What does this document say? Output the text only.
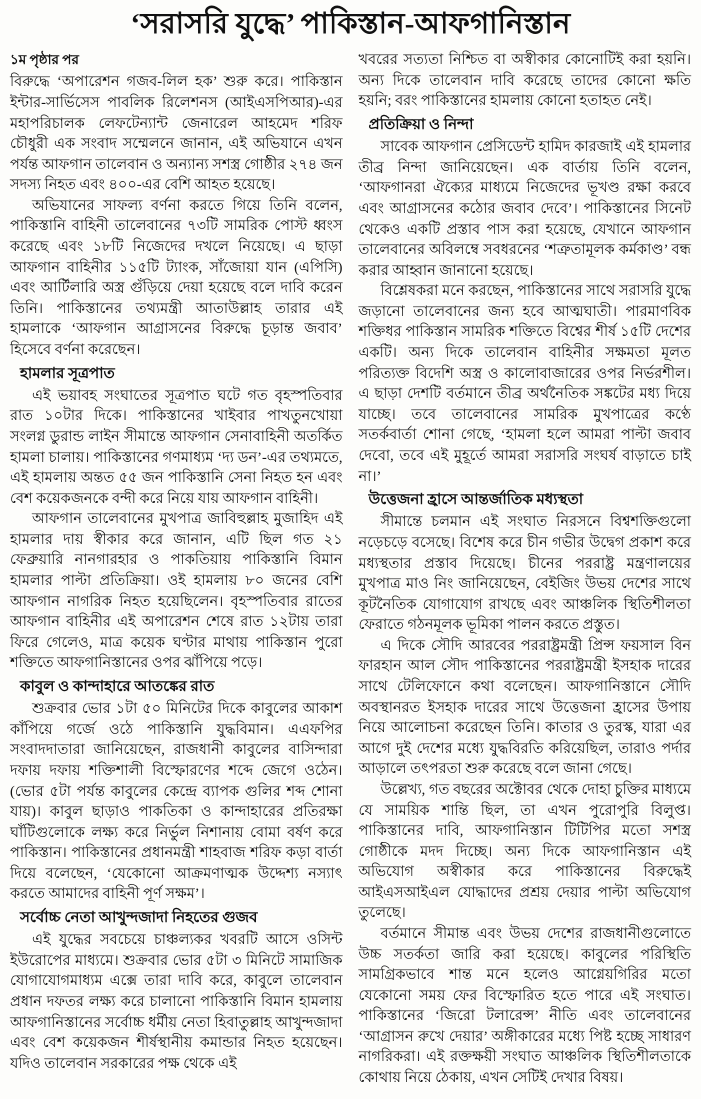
‘সরাসরি যুদ্ধে’ পাকিস্তান-আফগানিস্তান

১ম পৃষ্ঠার পর

বিরুদ্ধে ‘অপারেশন গজব-লিল হক’ শুরু করে। পাকিস্তান ইন্টার-সার্ভিসেস পাবলিক রিলেশনস (আইএসপিআর)-এর মহাপরিচালক লেফটেন্যান্ট জেনারেল আহমেদ শরিফ চৌধুরী এক সংবাদ সম্মেলনে জানান, এই অভিযানে এখন পর্যন্ত আফগান তালেবান ও অন্যান্য সশস্ত্র গোষ্ঠীর ২৭৪ জন সদস্য নিহত এবং ৪০০-এর বেশি আহত হয়েছে।

অভিযানের সাফল্য বর্ণনা করতে গিয়ে তিনি বলেন, পাকিস্তানি বাহিনী তালেবানের ৭৩টি সামরিক পোস্ট ধ্বংস করেছে এবং ১৮টি নিজেদের দখলে নিয়েছে। এ ছাড়া আফগান বাহিনীর ১১৫টি ট্যাংক, সাঁজোয়া যান (এপিসি) এবং আর্টিলারি অস্ত্র গুঁড়িয়ে দেয়া হয়েছে বলে দাবি করেন তিনি। পাকিস্তানের তথ্যমন্ত্রী আতাউল্লাহ তারার এই হামলাকে ‘আফগান আগ্রাসনের বিরুদ্ধে চূড়ান্ত জবাব’ হিসেবে বর্ণনা করেছেন।

হামলার সূত্রপাত

এই ভয়াবহ সংঘাতের সূত্রপাত ঘটে গত বৃহস্পতিবার রাত ১০টার দিকে। পাকিস্তানের খাইবার পাখতুনখোয়া সংলগ্ন ডুরান্ড লাইন সীমান্তে আফগান সেনাবাহিনী অতর্কিত হামলা চালায়। পাকিস্তানের গণমাধ্যম ‘দ্য ডন’-এর তথ্যমতে, এই হামলায় অন্তত ৫৫ জন পাকিস্তানি সেনা নিহত হন এবং বেশ কয়েকজনকে বন্দী করে নিয়ে যায় আফগান বাহিনী।

আফগান তালেবানের মুখপাত্র জাবিহুল্লাহ মুজাহিদ এই হামলার দায় স্বীকার করে জানান, এটি ছিল গত ২১ ফেব্রুয়ারি নানগারহার ও পাকতিয়ায় পাকিস্তানি বিমান হামলার পাল্টা প্রতিক্রিয়া। ওই হামলায় ৮০ জনের বেশি আফগান নাগরিক নিহত হয়েছিলেন। বৃহস্পতিবার রাতের আফগান বাহিনীর এই অপারেশন শেষে রাত ১২টায় তারা ফিরে গেলেও, মাত্র কয়েক ঘণ্টার মাথায় পাকিস্তান পুরো শক্তিতে আফগানিস্তানের ওপর ঝাঁপিয়ে পড়ে।

কাবুল ও কান্দাহারে আতঙ্কের রাত

শুক্রবার ভোর ১টা ৫০ মিনিটের দিকে কাবুলের আকাশ কাঁপিয়ে গর্জে ওঠে পাকিস্তানি যুদ্ধবিমান। এএফপির সংবাদদাতারা জানিয়েছেন, রাজধানী কাবুলের বাসিন্দারা দফায় দফায় শক্তিশালী বিস্ফোরণের শব্দে জেগে ওঠেন। (ভোর ৫টা পর্যন্ত কাবুলের কেন্দ্রে ব্যাপক গুলির শব্দ শোনা যায়)। কাবুল ছাড়াও পাকতিকা ও কান্দাহারের প্রতিরক্ষা ঘাঁটিগুলোকে লক্ষ্য করে নির্ভুল নিশানায় বোমা বর্ষণ করে পাকিস্তান। পাকিস্তানের প্রধানমন্ত্রী শাহবাজ শরিফ কড়া বার্তা দিয়ে বলেছেন, ‘যেকোনো আক্রমণাত্মক উদ্দেশ্য নস্যাৎ করতে আমাদের বাহিনী পূর্ণ সক্ষম’।

সর্বোচ্চ নেতা আখুন্দজাদা নিহতের গুজব

এই যুদ্ধের সবচেয়ে চাঞ্চল্যকর খবরটি আসে ওসিন্ট ইউরোপের মাধ্যমে। শুক্রবার ভোর ৫টা ৩ মিনিটে সামাজিক যোগাযোগমাধ্যম এক্সে তারা দাবি করে, কাবুলে তালেবান প্রধান দফতর লক্ষ্য করে চালানো পাকিস্তানি বিমান হামলায় আফগানিস্তানের সর্বোচ্চ ধর্মীয় নেতা হিবাতুল্লাহ আখুন্দজাদা এবং বেশ কয়েকজন শীর্ষস্থানীয় কমান্ডার নিহত হয়েছেন। যদিও তালেবান সরকারের পক্ষ থেকে এই

খবরের সত্যতা নিশ্চিত বা অস্বীকার কোনোটিই করা হয়নি। অন্য দিকে তালেবান দাবি করেছে তাদের কোনো ক্ষতি হয়নি; বরং পাকিস্তানের হামলায় কোনো হতাহত নেই।

প্রতিক্রিয়া ও নিন্দা

সাবেক আফগান প্রেসিডেন্ট হামিদ কারজাই এই হামলার তীব্র নিন্দা জানিয়েছেন। এক বার্তায় তিনি বলেন, ‘আফগানরা ঐক্যের মাধ্যমে নিজেদের ভূখণ্ড রক্ষা করবে এবং আগ্রাসনের কঠোর জবাব দেবে’। পাকিস্তানের সিনেট থেকেও একটি প্রস্তাব পাস করা হয়েছে, যেখানে আফগান তালেবানের অবিলম্বে সবধরনের ‘শত্রুতামূলক কর্মকাণ্ড’ বন্ধ করার আহ্বান জানানো হয়েছে।

বিশ্লেষকরা মনে করছেন, পাকিস্তানের সাথে সরাসরি যুদ্ধে জড়ানো তালেবানের জন্য হবে আত্মঘাতী। পারমাণবিক শক্তিধর পাকিস্তান সামরিক শক্তিতে বিশ্বের শীর্ষ ১৫টি দেশের একটি। অন্য দিকে তালেবান বাহিনীর সক্ষমতা মূলত পরিত্যক্ত বিদেশি অস্ত্র ও কালোবাজারের ওপর নির্ভরশীল। এ ছাড়া দেশটি বর্তমানে তীব্র অর্থনৈতিক সঙ্কটের মধ্য দিয়ে যাচ্ছে। তবে তালেবানের সামরিক মুখপাত্রের কণ্ঠে সতর্কবার্তা শোনা গেছে, ‘হামলা হলে আমরা পাল্টা জবাব দেবো, তবে এই মুহূর্তে আমরা সরাসরি সংঘর্ষ বাড়াতে চাই না।’

উত্তেজনা হ্রাসে আন্তর্জাতিক মধ্যস্থতা

সীমান্তে চলমান এই সংঘাত নিরসনে বিশ্বশক্তিগুলো নড়েচড়ে বসেছে। বিশেষ করে চীন গভীর উদ্বেগ প্রকাশ করে মধ্যস্থতার প্রস্তাব দিয়েছে। চীনের পররাষ্ট্র মন্ত্রণালয়ের মুখপাত্র মাও নিং জানিয়েছেন, বেইজিং উভয় দেশের সাথে কূটনৈতিক যোগাযোগ রাখছে এবং আঞ্চলিক স্থিতিশীলতা ফেরাতে গঠনমূলক ভূমিকা পালন করতে প্রস্তুত।

এ দিকে সৌদি আরবের পররাষ্ট্রমন্ত্রী প্রিন্স ফয়সাল বিন ফারহান আল সৌদ পাকিস্তানের পররাষ্ট্রমন্ত্রী ইসহাক দারের সাথে টেলিফোনে কথা বলেছেন। আফগানিস্তানে সৌদি অবস্থানরত ইসহাক দারের সাথে উত্তেজনা হ্রাসের উপায় নিয়ে আলোচনা করেছেন তিনি। কাতার ও তুরস্ক, যারা এর আগে দুই দেশের মধ্যে যুদ্ধবিরতি করিয়েছিল, তারাও পর্দার আড়ালে তৎপরতা শুরু করেছে বলে জানা গেছে।

উল্লেখ্য, গত বছরের অক্টোবর থেকে দোহা চুক্তির মাধ্যমে যে সাময়িক শান্তি ছিল, তা এখন পুরোপুরি বিলুপ্ত। পাকিস্তানের দাবি, আফগানিস্তান টিটিপির মতো সশস্ত্র গোষ্ঠীকে মদদ দিচ্ছে। অন্য দিকে আফগানিস্তান এই অভিযোগ অস্বীকার করে পাকিস্তানের বিরুদ্ধেই আইএসআইএল যোদ্ধাদের প্রশ্রয় দেয়ার পাল্টা অভিযোগ তুলেছে।

বর্তমানে সীমান্ত এবং উভয় দেশের রাজধানীগুলোতে উচ্চ সতর্কতা জারি করা হয়েছে। কাবুলের পরিস্থিতি সামগ্রিকভাবে শান্ত মনে হলেও আগ্নেয়গিরির মতো যেকোনো সময় ফের বিস্ফোরিত হতে পারে এই সংঘাত। পাকিস্তানের ‘জিরো টলারেন্স’ নীতি এবং তালেবানের ‘আগ্রাসন রুখে দেয়ার’ অঙ্গীকারের মধ্যে পিষ্ট হচ্ছে সাধারণ নাগরিকরা। এই রক্তক্ষয়ী সংঘাত আঞ্চলিক স্থিতিশীলতাকে কোথায় নিয়ে ঠেকায়, এখন সেটিই দেখার বিষয়।
